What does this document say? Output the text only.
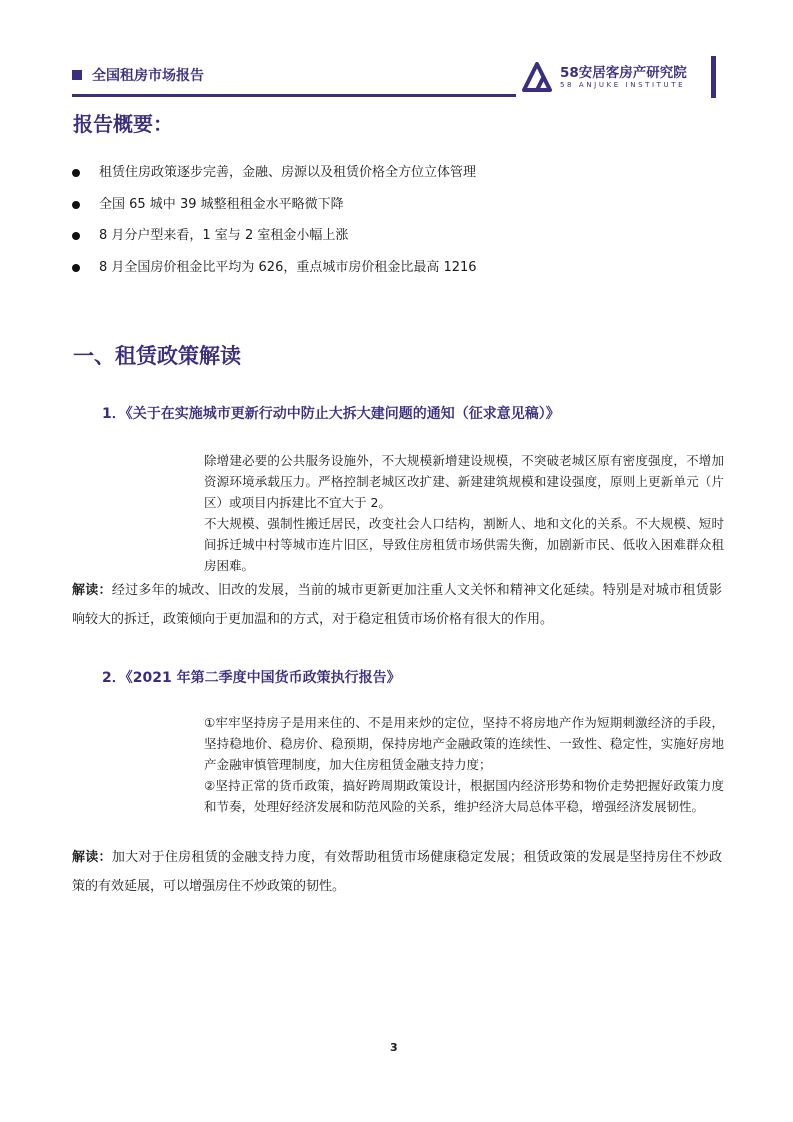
全国租房市场报告	58安居客房产研究院
58 ANJUKE INSTITUTE
报告概要：
租赁住房政策逐步完善，金融、房源以及租赁价格全方位立体管理
全国 65 城中 39 城整租租金水平略微下降
8 月分户型来看，1 室与 2 室租金小幅上涨
8 月全国房价租金比平均为 626，重点城市房价租金比最高 1216
一、租赁政策解读
1．《关于在实施城市更新行动中防止大拆大建问题的通知（征求意见稿）》

除增建必要的公共服务设施外，不大规模新增建设规模，不突破老城区原有密度强度，不增加资源环境承载压力。严格控制老城区改扩建、新建建筑规模和建设强度，原则上更新单元（片区）或项目内拆建比不宜大于 2。

不大规模、强制性搬迁居民，改变社会人口结构，割断人、地和文化的关系。不大规模、短时间拆迁城中村等城市连片旧区，导致住房租赁市场供需失衡，加剧新市民、低收入困难群众租房困难。

解读：经过多年的城改、旧改的发展，当前的城市更新更加注重人文关怀和精神文化延续。特别是对城市租赁影响较大的拆迁，政策倾向于更加温和的方式，对于稳定租赁市场价格有很大的作用。
2．《2021 年第二季度中国货币政策执行报告》

①牢牢坚持房子是用来住的、不是用来炒的定位，坚持不将房地产作为短期刺激经济的手段，坚持稳地价、稳房价、稳预期，保持房地产金融政策的连续性、一致性、稳定性，实施好房地产金融审慎管理制度，加大住房租赁金融支持力度；

②坚持正常的货币政策，搞好跨周期政策设计，根据国内经济形势和物价走势把握好政策力度和节奏，处理好经济发展和防范风险的关系，维护经济大局总体平稳，增强经济发展韧性。

解读：加大对于住房租赁的金融支持力度，有效帮助租赁市场健康稳定发展；租赁政策的发展是坚持房住不炒政策的有效延展，可以增强房住不炒政策的韧性。
3
